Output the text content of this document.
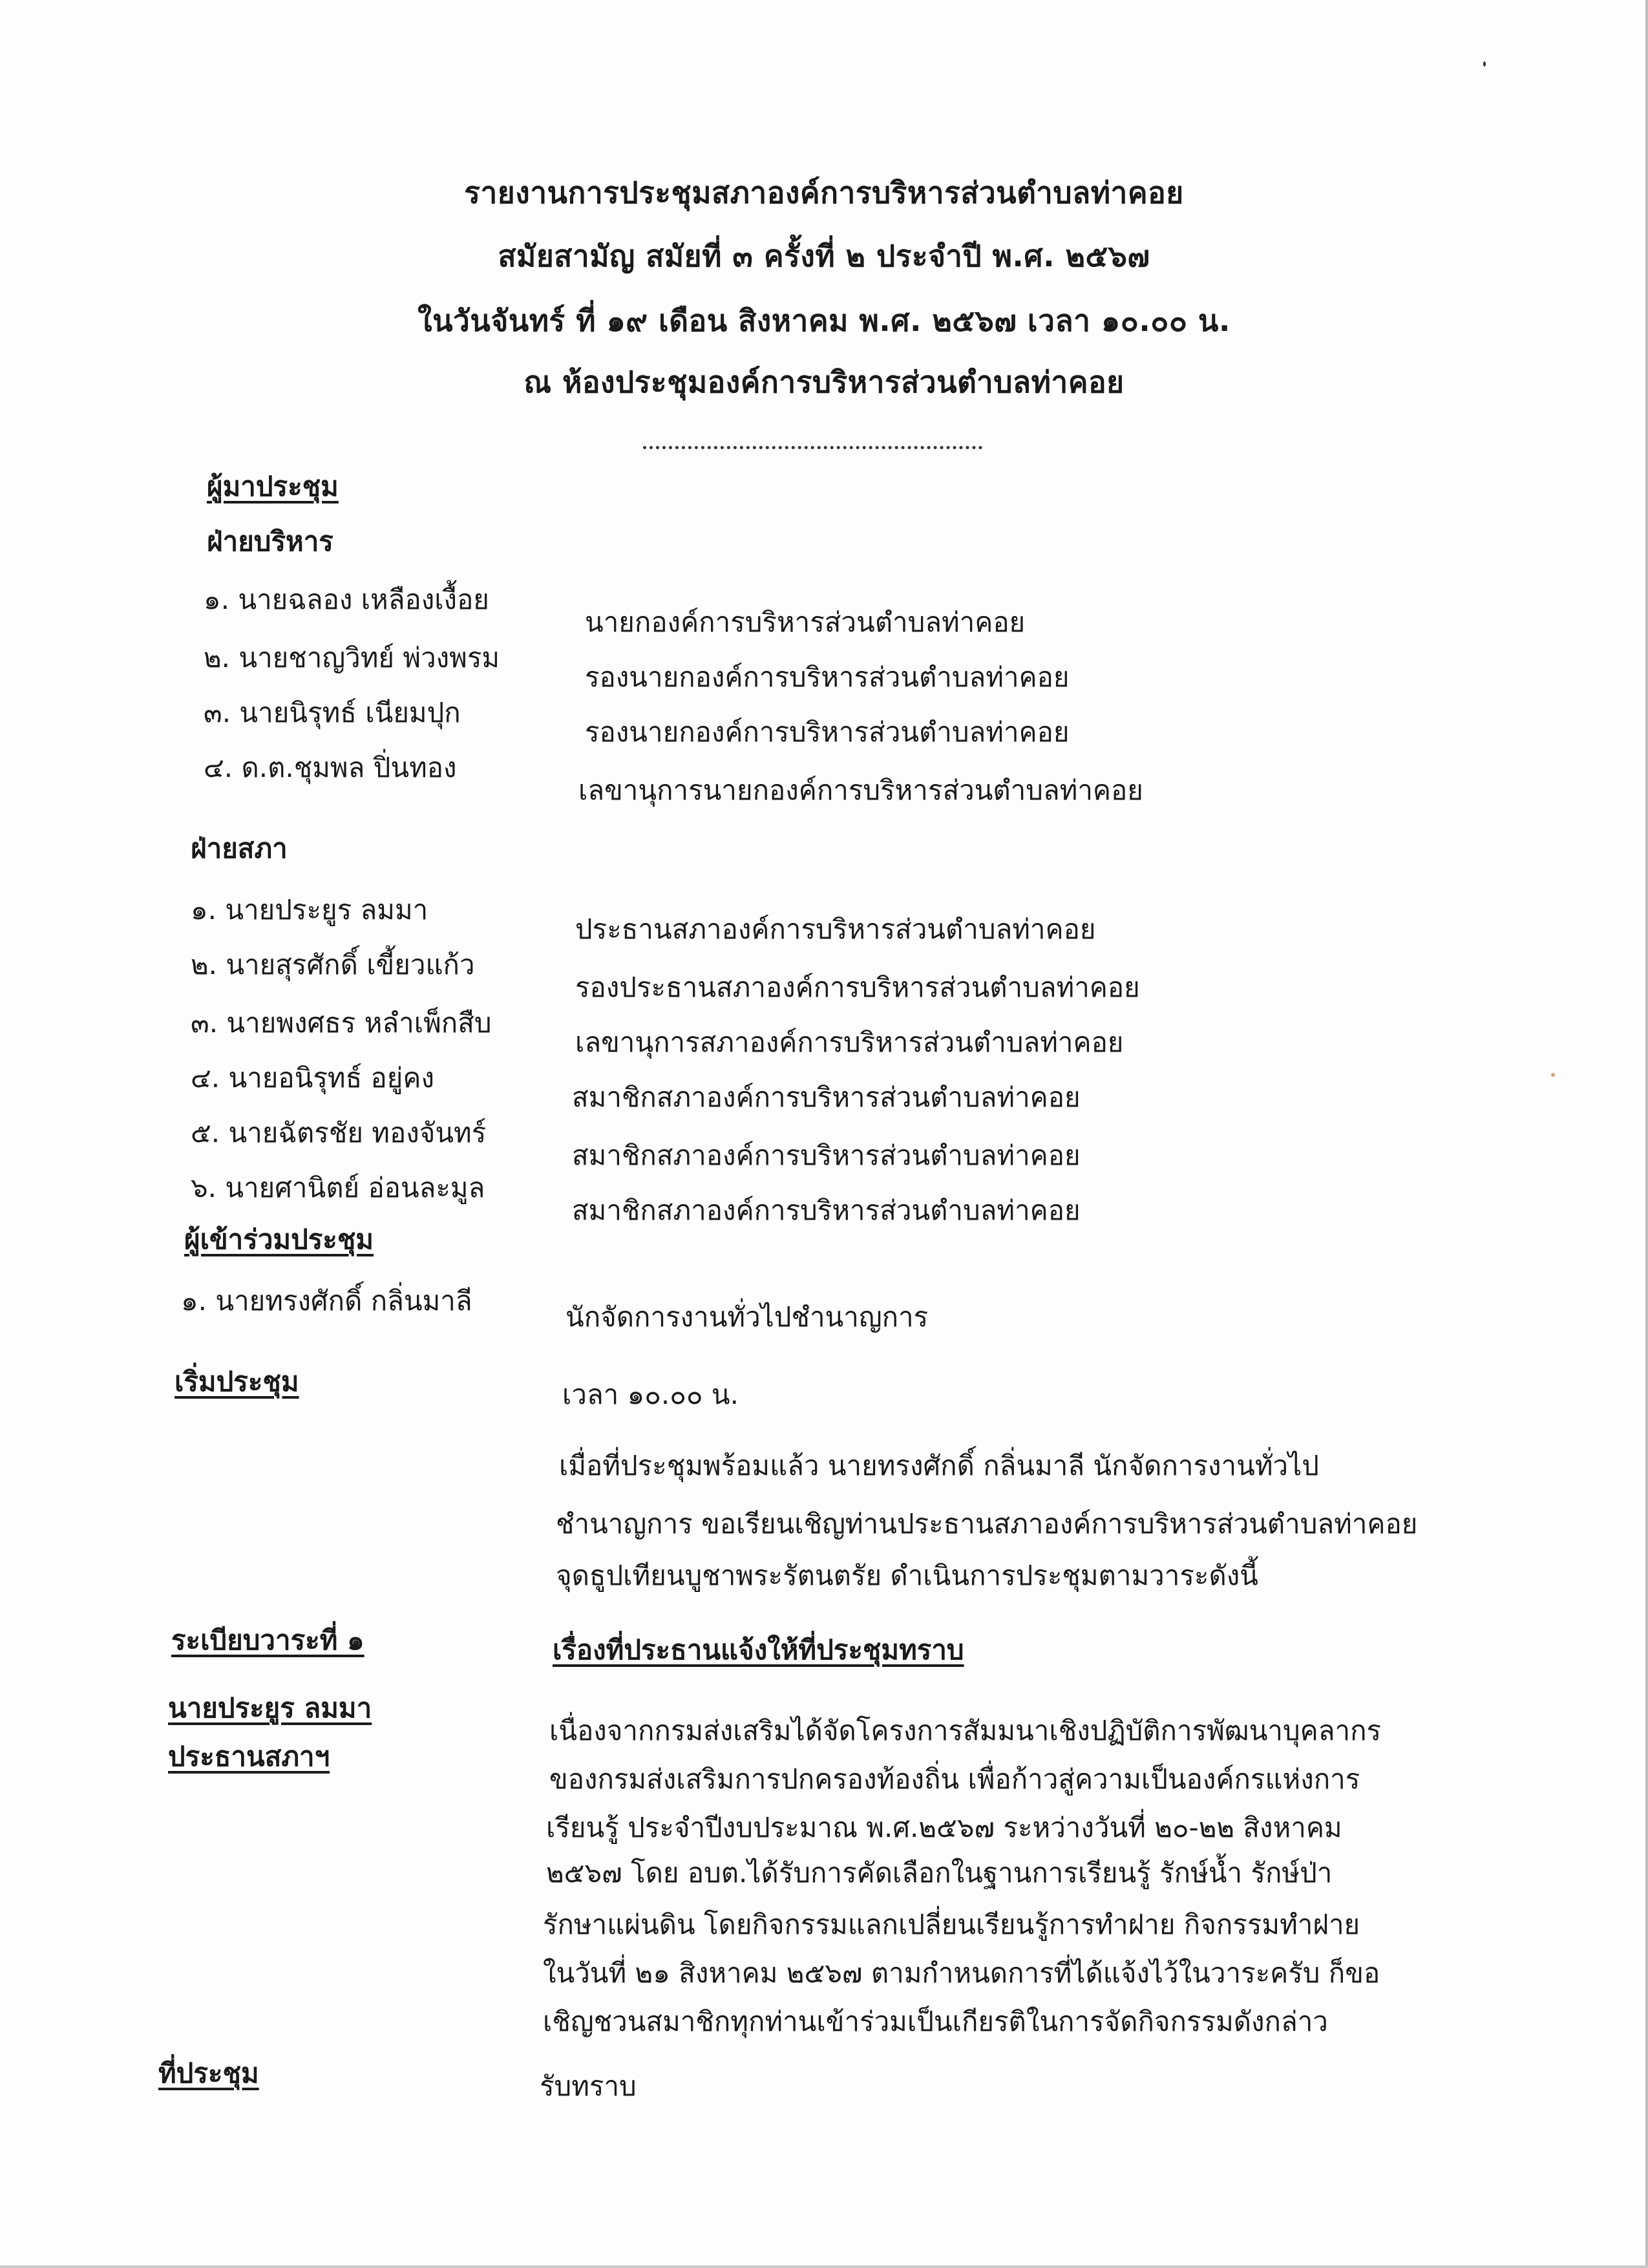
รายงานการประชุมสภาองค์การบริหารส่วนตำบลท่าคอย
สมัยสามัญ สมัยที่ ๓ ครั้งที่ ๒ ประจำปี พ.ศ. ๒๕๖๗
ในวันจันทร์ ที่ ๑๙ เดือน สิงหาคม พ.ศ. ๒๕๖๗ เวลา ๑๐.๐๐ น.
ณ ห้องประชุมองค์การบริหารส่วนตำบลท่าคอย
ผู้มาประชุม
ฝ่ายบริหาร
๑. นายฉลอง เหลืองเงื้อย
นายกองค์การบริหารส่วนตำบลท่าคอย
๒. นายชาญวิทย์ พ่วงพรม
รองนายกองค์การบริหารส่วนตำบลท่าคอย
๓. นายนิรุทธ์ เนียมปุก
รองนายกองค์การบริหารส่วนตำบลท่าคอย
๔. ด.ต.ชุมพล ปิ่นทอง
เลขานุการนายกองค์การบริหารส่วนตำบลท่าคอย
ฝ่ายสภา
๑. นายประยูร ลมมา
ประธานสภาองค์การบริหารส่วนตำบลท่าคอย
๒. นายสุรศักดิ์ เขี้ยวแก้ว
รองประธานสภาองค์การบริหารส่วนตำบลท่าคอย
๓. นายพงศธร หลำเพ็กสืบ
เลขานุการสภาองค์การบริหารส่วนตำบลท่าคอย
๔. นายอนิรุทธ์ อยู่คง
สมาชิกสภาองค์การบริหารส่วนตำบลท่าคอย
๕. นายฉัตรชัย ทองจันทร์
สมาชิกสภาองค์การบริหารส่วนตำบลท่าคอย
๖. นายศานิตย์ อ่อนละมูล
สมาชิกสภาองค์การบริหารส่วนตำบลท่าคอย
ผู้เข้าร่วมประชุม
๑. นายทรงศักดิ์ กลิ่นมาลี
นักจัดการงานทั่วไปชำนาญการ
เริ่มประชุม	เวลา ๑๐.๐๐ น.
เมื่อที่ประชุมพร้อมแล้ว นายทรงศักดิ์ กลิ่นมาลี นักจัดการงานทั่วไป
ชำนาญการ ขอเรียนเชิญท่านประธานสภาองค์การบริหารส่วนตำบลท่าคอย
จุดธูปเทียนบูชาพระรัตนตรัย ดำเนินการประชุมตามวาระดังนี้
ระเบียบวาระที่ ๑	เรื่องที่ประธานแจ้งให้ที่ประชุมทราบ
นายประยูร ลมมา
ประธานสภาฯ
เนื่องจากกรมส่งเสริมได้จัดโครงการสัมมนาเชิงปฏิบัติการพัฒนาบุคลากร
ของกรมส่งเสริมการปกครองท้องถิ่น เพื่อก้าวสู่ความเป็นองค์กรแห่งการ
เรียนรู้ ประจำปีงบประมาณ พ.ศ.๒๕๖๗ ระหว่างวันที่ ๒๐-๒๒ สิงหาคม
๒๕๖๗ โดย อบต.ได้รับการคัดเลือกในฐานการเรียนรู้ รักษ์น้ำ รักษ์ป่า
รักษาแผ่นดิน โดยกิจกรรมแลกเปลี่ยนเรียนรู้การทำฝาย กิจกรรมทำฝาย
ในวันที่ ๒๑ สิงหาคม ๒๕๖๗ ตามกำหนดการที่ได้แจ้งไว้ในวาระครับ ก็ขอ
เชิญชวนสมาชิกทุกท่านเข้าร่วมเป็นเกียรติในการจัดกิจกรรมดังกล่าว
ที่ประชุม	รับทราบ
